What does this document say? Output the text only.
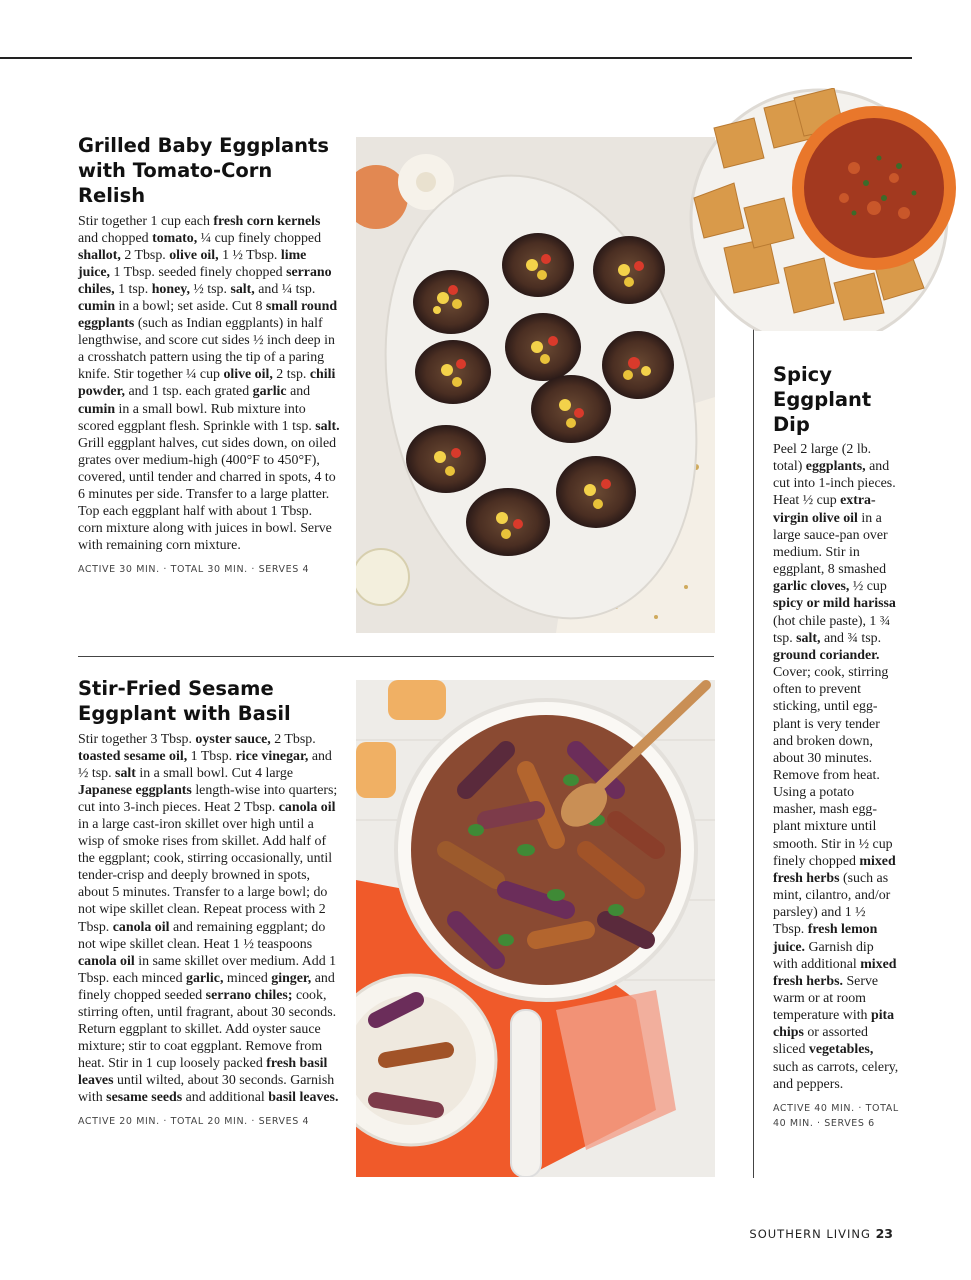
Grilled Baby Eggplants with Tomato-Corn Relish

Stir together 1 cup each fresh corn kernels and chopped tomato, ¼ cup finely chopped shallot, 2 Tbsp. olive oil, 1 ½ Tbsp. lime juice, 1 Tbsp. seeded finely chopped serrano chiles, 1 tsp. honey, ½ tsp. salt, and ¼ tsp. cumin in a bowl; set aside. Cut 8 small round eggplants (such as Indian eggplants) in half lengthwise, and score cut sides ½ inch deep in a crosshatch pattern using the tip of a paring knife. Stir together ¼ cup olive oil, 2 tsp. chili powder, and 1 tsp. each grated garlic and cumin in a small bowl. Rub mixture into scored eggplant flesh. Sprinkle with 1 tsp. salt. Grill eggplant halves, cut sides down, on oiled grates over medium-high (400°F to 450°F), covered, until tender and charred in spots, 4 to 6 minutes per side. Transfer to a large platter. Top each eggplant half with about 1 Tbsp. corn mixture along with juices in bowl. Serve with remaining corn mixture.

ACTIVE 30 MIN. · TOTAL 30 MIN. · SERVES 4

Stir-Fried Sesame Eggplant with Basil

Stir together 3 Tbsp. oyster sauce, 2 Tbsp. toasted sesame oil, 1 Tbsp. rice vinegar, and ½ tsp. salt in a small bowl. Cut 4 large Japanese eggplants length-wise into quarters; cut into 3-inch pieces. Heat 2 Tbsp. canola oil in a large cast-iron skillet over high until a wisp of smoke rises from skillet. Add half of the eggplant; cook, stirring occasionally, until tender-crisp and deeply browned in spots, about 5 minutes. Transfer to a large bowl; do not wipe skillet clean. Repeat process with 2 Tbsp. canola oil and remaining eggplant; do not wipe skillet clean. Heat 1 ½ teaspoons canola oil in same skillet over medium. Add 1 Tbsp. each minced garlic, minced ginger, and finely chopped seeded serrano chiles; cook, stirring often, until fragrant, about 30 seconds. Return eggplant to skillet. Add oyster sauce mixture; stir to coat eggplant. Remove from heat. Stir in 1 cup loosely packed fresh basil leaves until wilted, about 30 seconds. Garnish with sesame seeds and additional basil leaves.

ACTIVE 20 MIN. · TOTAL 20 MIN. · SERVES 4

Spicy Eggplant Dip

Peel 2 large (2 lb. total) eggplants, and cut into 1-inch pieces. Heat ½ cup extra-virgin olive oil in a large sauce-pan over medium. Stir in eggplant, 8 smashed garlic cloves, ½ cup spicy or mild harissa (hot chile paste), 1 ¾ tsp. salt, and ¾ tsp. ground coriander. Cover; cook, stirring often to prevent sticking, until egg-plant is very tender and broken down, about 30 minutes. Remove from heat. Using a potato masher, mash egg-plant mixture until smooth. Stir in ½ cup finely chopped mixed fresh herbs (such as mint, cilantro, and/or parsley) and 1 ½ Tbsp. fresh lemon juice. Garnish dip with additional mixed fresh herbs. Serve warm or at room temperature with pita chips or assorted sliced vegetables, such as carrots, celery, and peppers.

ACTIVE 40 MIN. · TOTAL 40 MIN. · SERVES 6

SOUTHERN LIVING 23
